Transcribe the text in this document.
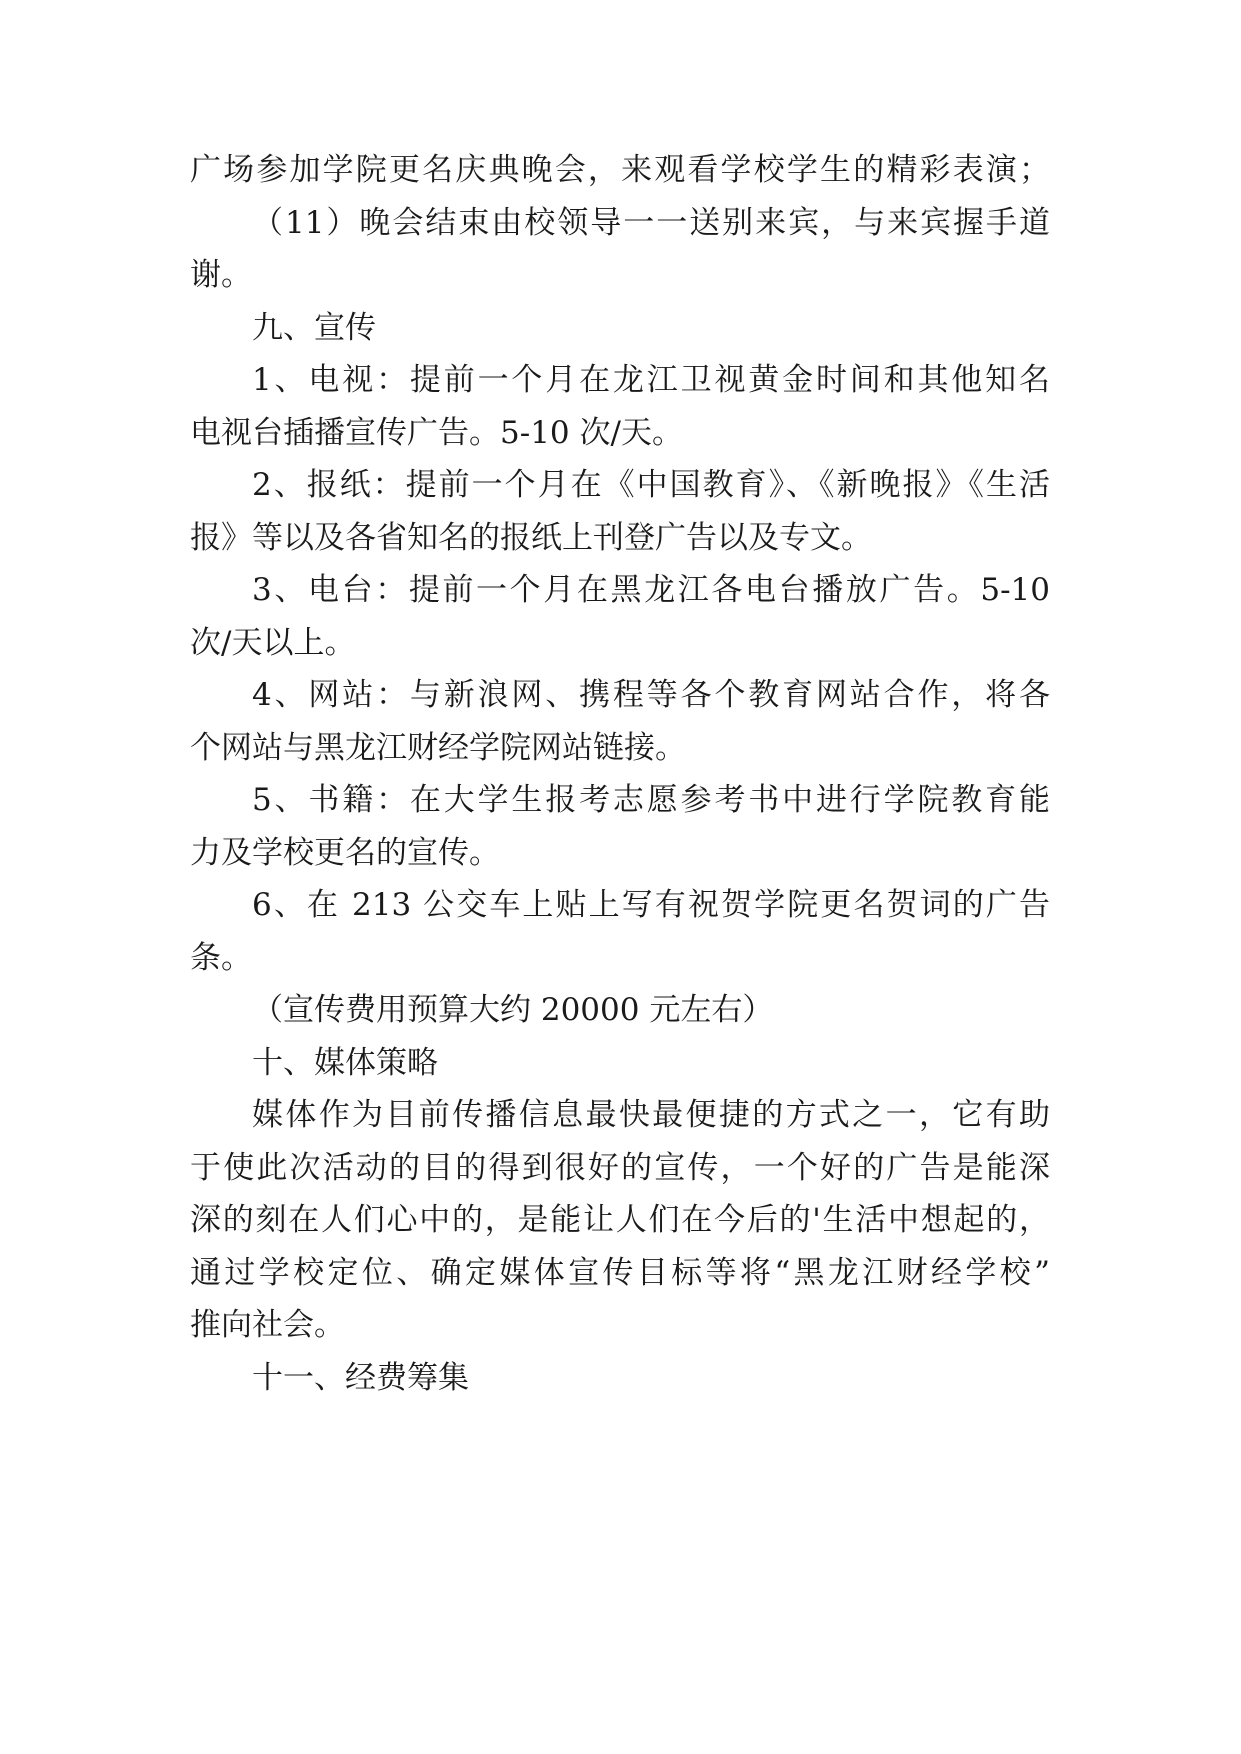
广场参加学院更名庆典晚会，来观看学校学生的精彩表演；
（11）晚会结束由校领导一一送别来宾，与来宾握手道
谢。
九、宣传
1、电视：提前一个月在龙江卫视黄金时间和其他知名
电视台插播宣传广告。5-10 次/天。
2、报纸：提前一个月在《中国教育》、《新晚报》《生活
报》等以及各省知名的报纸上刊登广告以及专文。
3、电台：提前一个月在黑龙江各电台播放广告。5-10
次/天以上。
4、网站：与新浪网、携程等各个教育网站合作，将各
个网站与黑龙江财经学院网站链接。
5、书籍：在大学生报考志愿参考书中进行学院教育能
力及学校更名的宣传。
6、在 213 公交车上贴上写有祝贺学院更名贺词的广告
条。
（宣传费用预算大约 20000 元左右）
十、媒体策略
媒体作为目前传播信息最快最便捷的方式之一，它有助
于使此次活动的目的得到很好的宣传，一个好的广告是能深
深的刻在人们心中的，是能让人们在今后的'生活中想起的，
通过学校定位、确定媒体宣传目标等将“黑龙江财经学校”
推向社会。
十一、经费筹集
